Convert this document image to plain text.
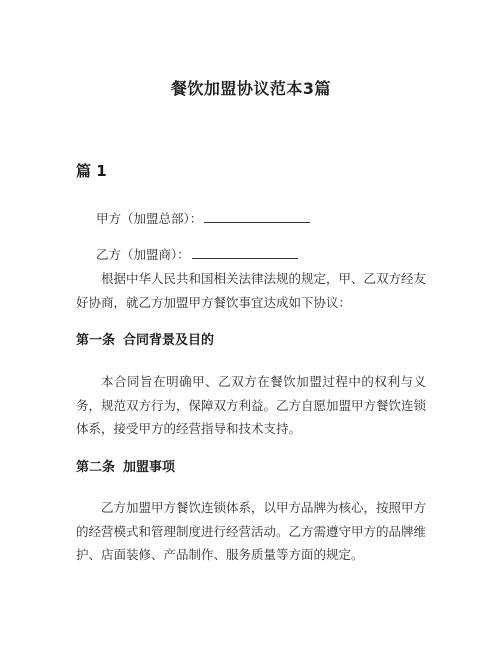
餐饮加盟协议范本3篇
篇 1
甲方（加盟总部）：
乙方（加盟商）：
根据中华人民共和国相关法律法规的规定，甲、乙双方经友好协商，就乙方加盟甲方餐饮事宜达成如下协议：
第一条 合同背景及目的
本合同旨在明确甲、乙双方在餐饮加盟过程中的权利与义务，规范双方行为，保障双方利益。乙方自愿加盟甲方餐饮连锁体系，接受甲方的经营指导和技术支持。
第二条 加盟事项
乙方加盟甲方餐饮连锁体系，以甲方品牌为核心，按照甲方的经营模式和管理制度进行经营活动。乙方需遵守甲方的品牌维护、店面装修、产品制作、服务质量等方面的规定。
